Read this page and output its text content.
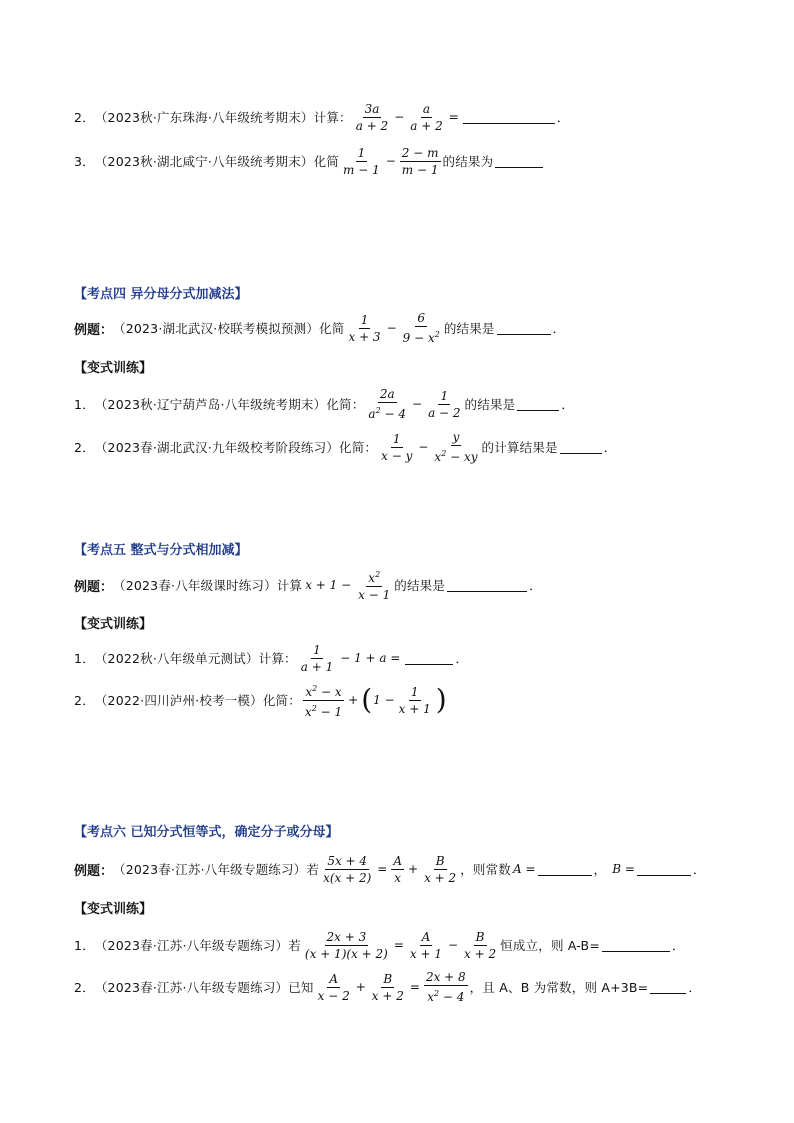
2． （2023秋·广东珠海·八年级统考期末）计算： $\frac{3a}{a + 2} - \frac{a}{a + 2}$ =	．
3． （2023秋·湖北咸宁·八年级统考期末）化简 $\frac{1}{m - 1} - \frac{2 - m}{m - 1}$ 的结果为
【考点四 异分母分式加减法】
例题： （2023·湖北武汉·校联考模拟预测）化简 $\frac{1}{x + 3} - \frac{6}{9 - x^2}$ 的结果是	．
【变式训练】
1． （2023秋·辽宁葫芦岛·八年级统考期末）化简： $\frac{2a}{a^2 - 4} - \frac{1}{a - 2}$ 的结果是	．
2． （2023春·湖北武汉·九年级校考阶段练习）化简： $\frac{1}{x - y} - \frac{y}{x^2 - xy}$ 的计算结果是	．
【考点五 整式与分式相加减】
例题： （2023春·八年级课时练习）计算 $x + 1 - \frac{x^2}{x - 1}$ 的结果是	．
【变式训练】
1． （2022秋·八年级单元测试）计算： $\frac{1}{a + 1} - 1 + a$ =	．
2． （2022·四川泸州·校考一模）化简： $\frac{x^2 - x}{x^2 - 1}$ + ( $1 - \frac{1}{x + 1}$ )
【考点六 已知分式恒等式，确定分子或分母】
例题： （2023春·江苏·八年级专题练习）若 $\frac{5x + 4}{x(x + 2)} = \frac{A}{x} + \frac{B}{x + 2}$ ，则常数 A =	， B =	．
【变式训练】
1． （2023春·江苏·八年级专题练习）若 $\frac{2x + 3}{(x + 1)(x + 2)} = \frac{A}{x + 1} - \frac{B}{x + 2}$ 恒成立，则 A-B=	．
2． （2023春·江苏·八年级专题练习）已知 $\frac{A}{x - 2} + \frac{B}{x + 2} = \frac{2x + 8}{x^2 - 4}$ ，且 A、B 为常数，则 A+3B=	．
